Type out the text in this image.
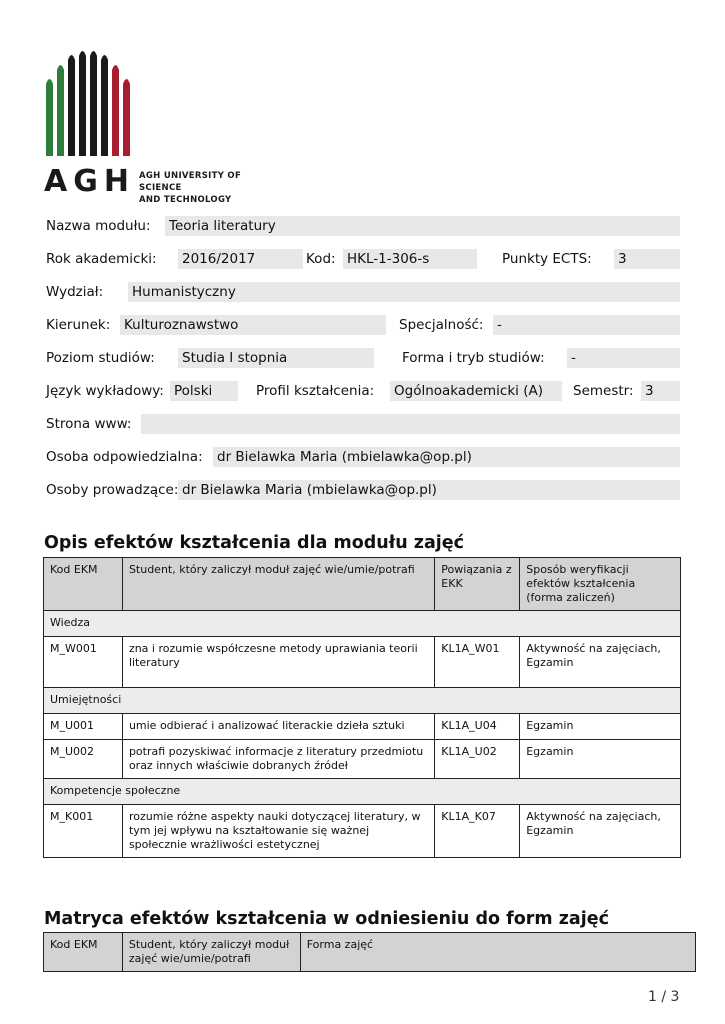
AGH AGH UNIVERSITY OF SCIENCE
AND TECHNOLOGY
Nazwa modułu: Teoria literatury
Rok akademicki: 2016/2017	Kod: HKL-1-306-s	Punkty ECTS: 3
Wydział: Humanistyczny
Kierunek: Kulturoznawstwo	Specjalność: -
Poziom studiów: Studia I stopnia	Forma i tryb studiów: -
Język wykładowy: Polski	Profil kształcenia: Ogólnoakademicki (A)	Semestr: 3
Strona www:
Osoba odpowiedzialna: dr Bielawka Maria (mbielawka@op.pl)
Osoby prowadzące: dr Bielawka Maria (mbielawka@op.pl)
Opis efektów kształcenia dla modułu zajęć
Kod EKM	Student, który zaliczył moduł zajęć wie/umie/potrafi	Powiązania z EKK	Sposób weryfikacji efektów kształcenia (forma zaliczeń)
Wiedza			
M_W001	zna i rozumie współczesne metody uprawiania teorii literatury	KL1A_W01	Aktywność na zajęciach, Egzamin
Umiejętności			
M_U001	umie odbierać i analizować literackie dzieła sztuki	KL1A_U04	Egzamin
M_U002	potrafi pozyskiwać informacje z literatury przedmiotu oraz innych właściwie dobranych źródeł	KL1A_U02	Egzamin
Kompetencje społeczne			
M_K001	rozumie różne aspekty nauki dotyczącej literatury, w tym jej wpływu na kształtowanie się ważnej społecznie wrażliwości estetycznej	KL1A_K07	Aktywność na zajęciach, Egzamin
Matryca efektów kształcenia w odniesieniu do form zajęć
Kod EKM	Student, który zaliczył moduł zajęć wie/umie/potrafi	Forma zajęć
1 / 3
